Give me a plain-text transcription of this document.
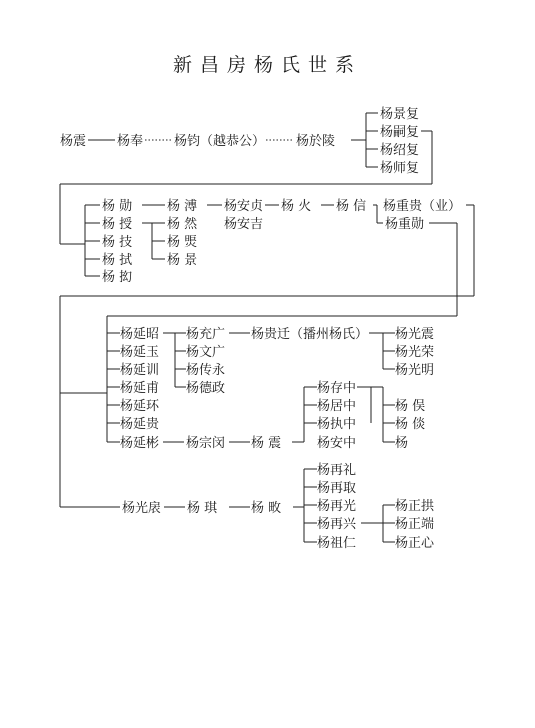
新昌房杨氏世系
杨震 杨奉 杨钧（越恭公） 杨於陵
杨景复
杨嗣复
杨绍复
杨师复
杨 勋
杨 授
杨 技
杨 拭
杨 抝
杨 溥 杨安贞 杨 火 杨 信 杨重贵（业）
杨重勋
杨 然
杨 煚
杨 景
杨安吉
杨延昭
杨延玉
杨延训
杨延甫
杨延环
杨延贵
杨延彬
杨充广
杨文广
杨传永
杨德政
杨贵迁（播州杨氏） 杨光震
杨光荣
杨光明
杨宗闵 杨 震
杨存中
杨居中
杨执中
杨安中
杨 俣
杨 倓
杨
杨光扆 杨 琪	杨 畋
杨再礼
杨再取
杨再光
杨再兴
杨祖仁
杨正拱
杨正端
杨正心
